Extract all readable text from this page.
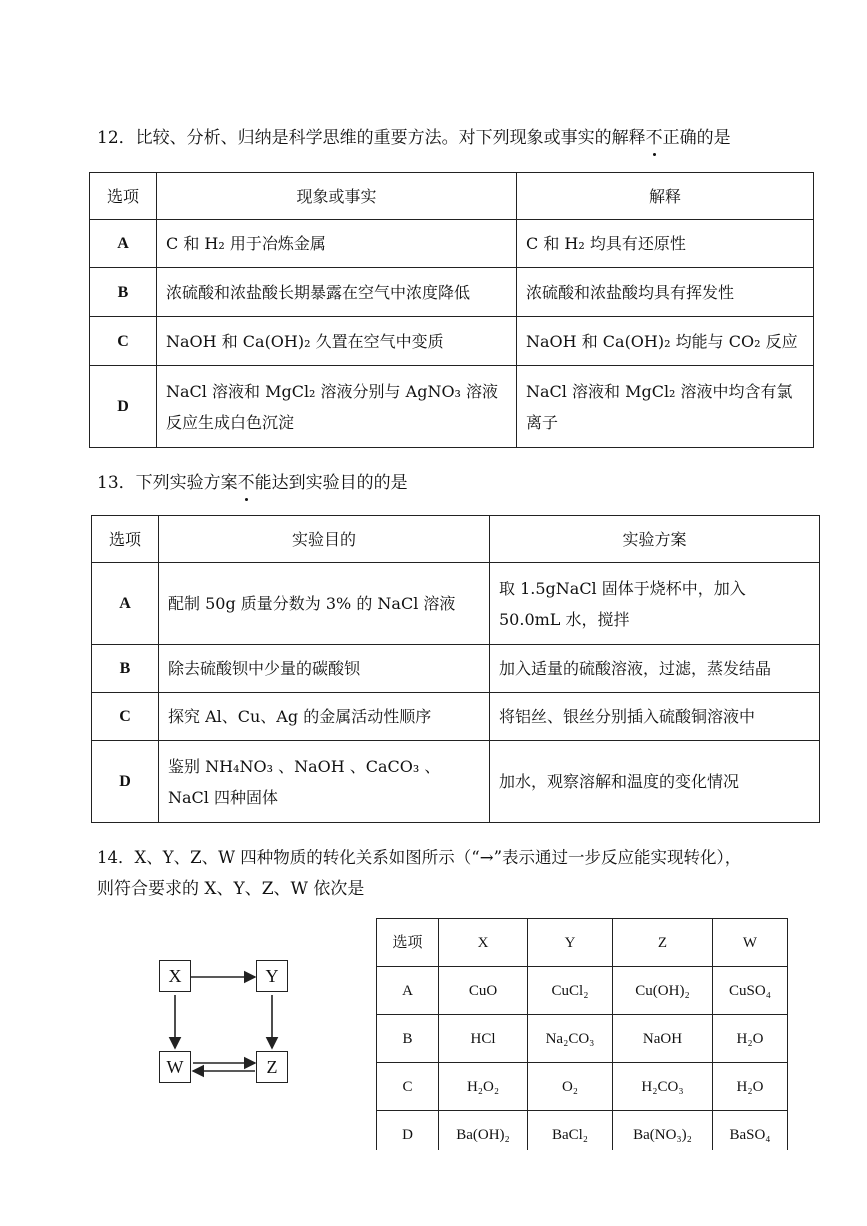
12．比较、分析、归纳是科学思维的重要方法。对下列现象或事实的解释不正确的是
选项	现象或事实	解释
A	C 和 H₂ 用于冶炼金属	C 和 H₂ 均具有还原性
B	浓硫酸和浓盐酸长期暴露在空气中浓度降低	浓硫酸和浓盐酸均具有挥发性
C	NaOH 和 Ca(OH)₂ 久置在空气中变质	NaOH 和 Ca(OH)₂ 均能与 CO₂ 反应
D	NaCl 溶液和 MgCl₂ 溶液分别与 AgNO₃ 溶液反应生成白色沉淀	NaCl 溶液和 MgCl₂ 溶液中均含有氯离子
13．下列实验方案不能达到实验目的的是
选项	实验目的	实验方案
A	配制 50g 质量分数为 3% 的 NaCl 溶液	取 1.5gNaCl 固体于烧杯中，加入 50.0mL 水，搅拌
B	除去硫酸钡中少量的碳酸钡	加入适量的硫酸溶液，过滤，蒸发结晶
C	探究 Al、Cu、Ag 的金属活动性顺序	将铝丝、银丝分别插入硫酸铜溶液中
D	鉴别 NH₄NO₃ 、NaOH 、CaCO₃ 、NaCl 四种固体	加水，观察溶解和温度的变化情况
14．X、Y、Z、W 四种物质的转化关系如图所示（“→”表示通过一步反应能实现转化），
则符合要求的 X、Y、Z、W 依次是
X	Y
W	Z
选项	X	Y	Z	W
A	CuO	CuCl₂	Cu(OH)₂	CuSO₄
B	HCl	Na₂CO₃	NaOH	H₂O
C	H₂O₂	O₂	H₂CO₃	H₂O
D	Ba(OH)₂	BaCl₂	Ba(NO₃)₂	BaSO₄
